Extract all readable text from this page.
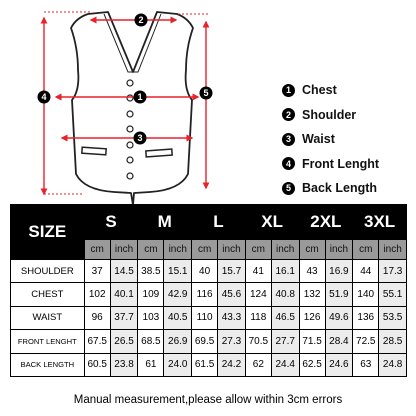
2
1
3
4	5	1 Chest
2 Shoulder
3 Waist
4 Front Lenght
5 Back Length
SIZE	S		M		L		XL		2XL		3XL	
	cm	inch	cm	inch	cm	inch	cm	inch	cm	inch	cm	inch
SHOULDER	37	14.5	38.5	15.1	40	15.7	41	16.1	43	16.9	44	17.3
CHEST	102	40.1	109	42.9	116	45.6	124	40.8	132	51.9	140	55.1
WAIST	96	37.7	103	40.5	110	43.3	118	46.5	126	49.6	136	53.5
FRONT LENGHT	67.5	26.5	68.5	26.9	69.5	27.3	70.5	27.7	71.5	28.4	72.5	28.5
BACK LENGTH	60.5	23.8	61	24.0	61.5	24.2	62	24.4	62.5	24.6	63	24.8
Manual measurement,please allow within 3cm errors
